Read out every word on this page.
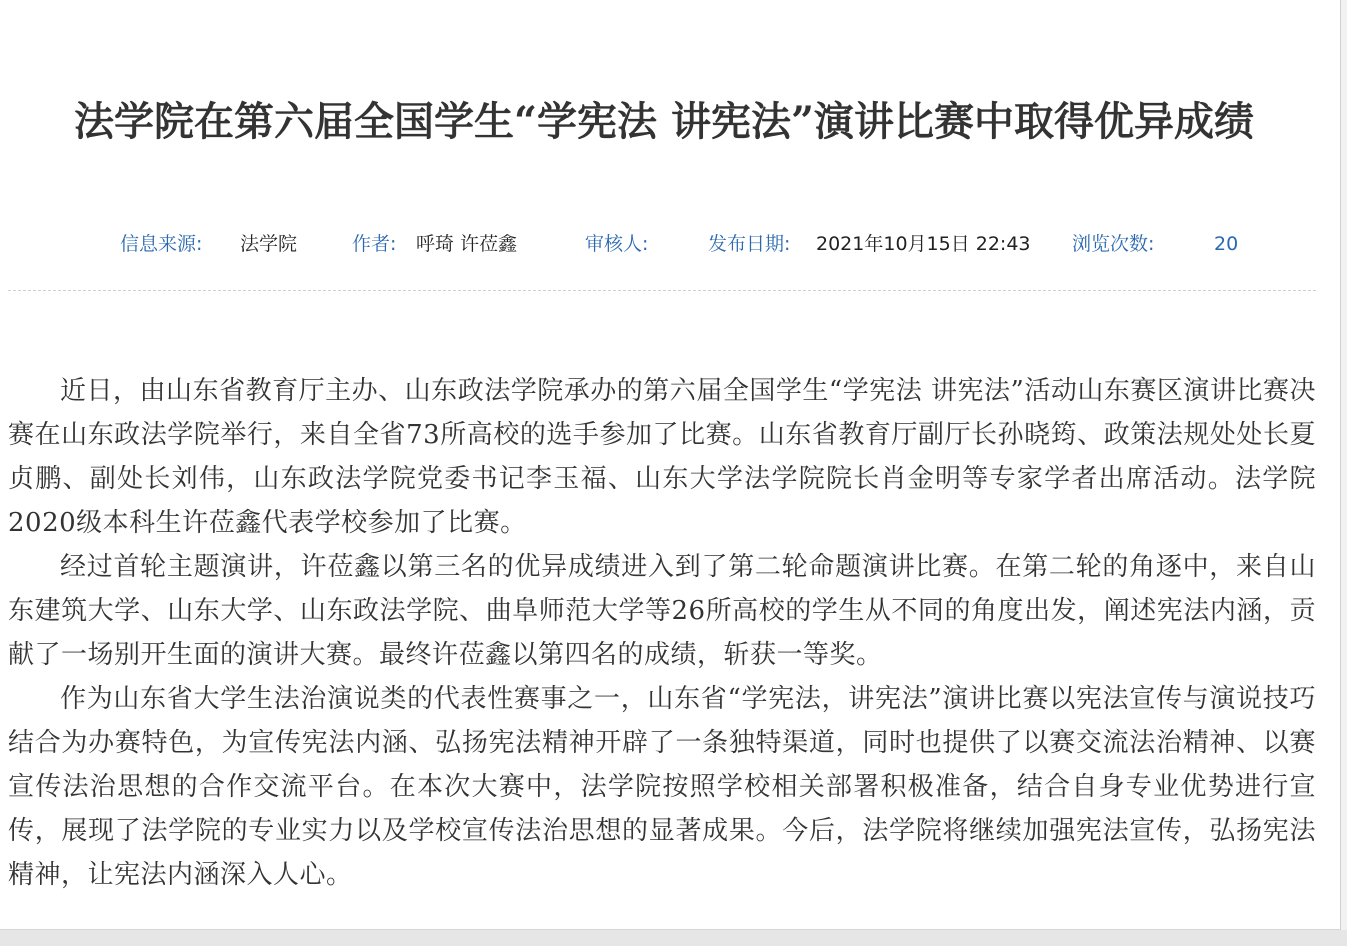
法学院在第六届全国学生“学宪法 讲宪法”演讲比赛中取得优异成绩
信息来源: 法学院	作者: 呼琦 许莅鑫	审核人:	发布日期: 2021年10月15日 22:43 浏览次数:	20

近日，由山东省教育厅主办、山东政法学院承办的第六届全国学生“学宪法 讲宪法”活动山东赛区演讲比赛决赛在山东政法学院举行，来自全省73所高校的选手参加了比赛。山东省教育厅副厅长孙晓筠、政策法规处处长夏贞鹏、副处长刘伟，山东政法学院党委书记李玉福、山东大学法学院院长肖金明等专家学者出席活动。法学院2020级本科生许莅鑫代表学校参加了比赛。

经过首轮主题演讲，许莅鑫以第三名的优异成绩进入到了第二轮命题演讲比赛。在第二轮的角逐中，来自山东建筑大学、山东大学、山东政法学院、曲阜师范大学等26所高校的学生从不同的角度出发，阐述宪法内涵，贡献了一场别开生面的演讲大赛。最终许莅鑫以第四名的成绩，斩获一等奖。

作为山东省大学生法治演说类的代表性赛事之一，山东省“学宪法，讲宪法”演讲比赛以宪法宣传与演说技巧结合为办赛特色，为宣传宪法内涵、弘扬宪法精神开辟了一条独特渠道，同时也提供了以赛交流法治精神、以赛宣传法治思想的合作交流平台。在本次大赛中，法学院按照学校相关部署积极准备，结合自身专业优势进行宣传，展现了法学院的专业实力以及学校宣传法治思想的显著成果。今后，法学院将继续加强宪法宣传，弘扬宪法精神，让宪法内涵深入人心。
